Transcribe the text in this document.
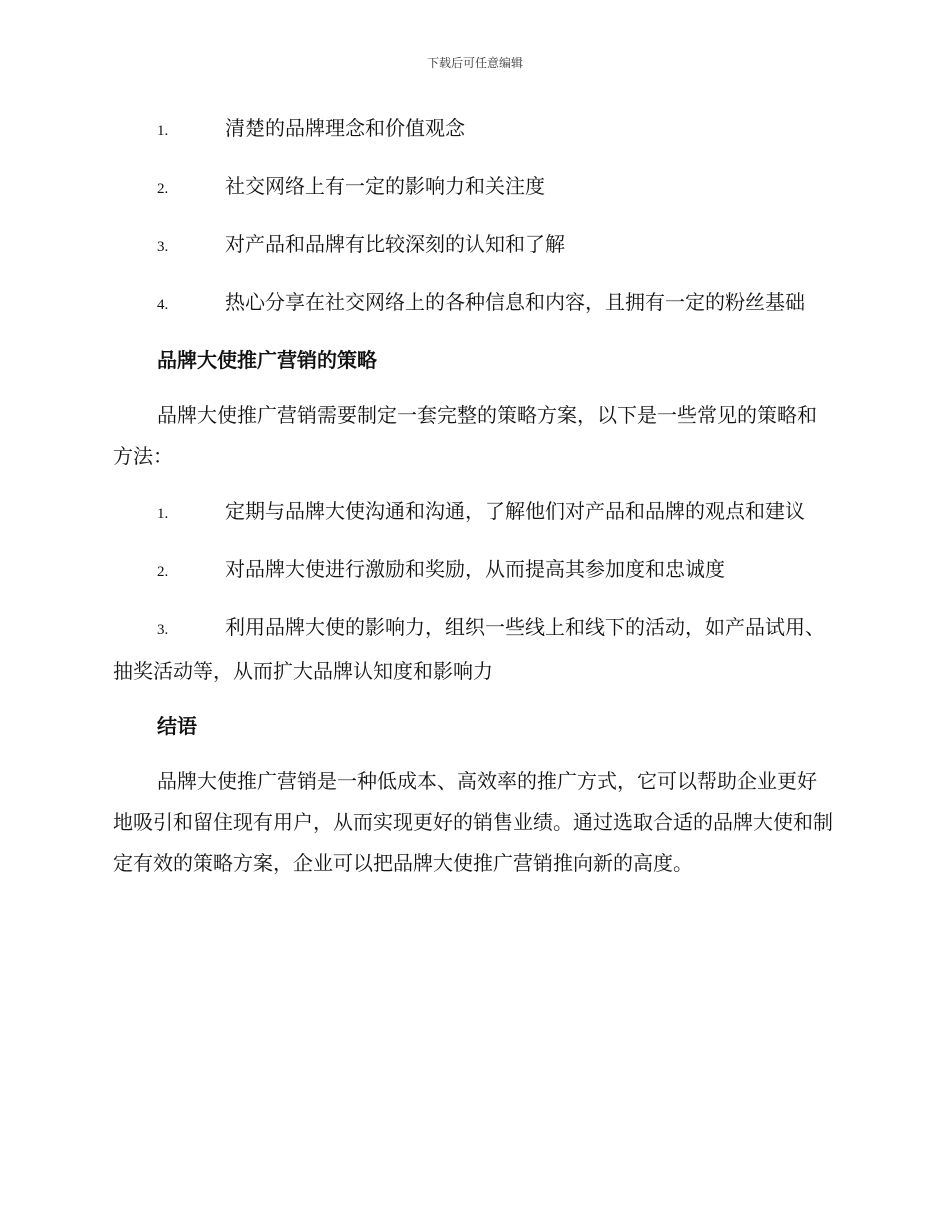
下载后可任意编辑
1.	清楚的品牌理念和价值观念
2.	社交网络上有一定的影响力和关注度
3.	对产品和品牌有比较深刻的认知和了解
4.	热心分享在社交网络上的各种信息和内容，且拥有一定的粉丝基础
品牌大使推广营销的策略
品牌大使推广营销需要制定一套完整的策略方案，以下是一些常见的策略和方法：
1.	定期与品牌大使沟通和沟通，了解他们对产品和品牌的观点和建议
2.	对品牌大使进行激励和奖励，从而提高其参加度和忠诚度
3.	利用品牌大使的影响力，组织一些线上和线下的活动，如产品试用、抽奖活动等，从而扩大品牌认知度和影响力
结语
品牌大使推广营销是一种低成本、高效率的推广方式，它可以帮助企业更好地吸引和留住现有用户，从而实现更好的销售业绩。通过选取合适的品牌大使和制定有效的策略方案，企业可以把品牌大使推广营销推向新的高度。
